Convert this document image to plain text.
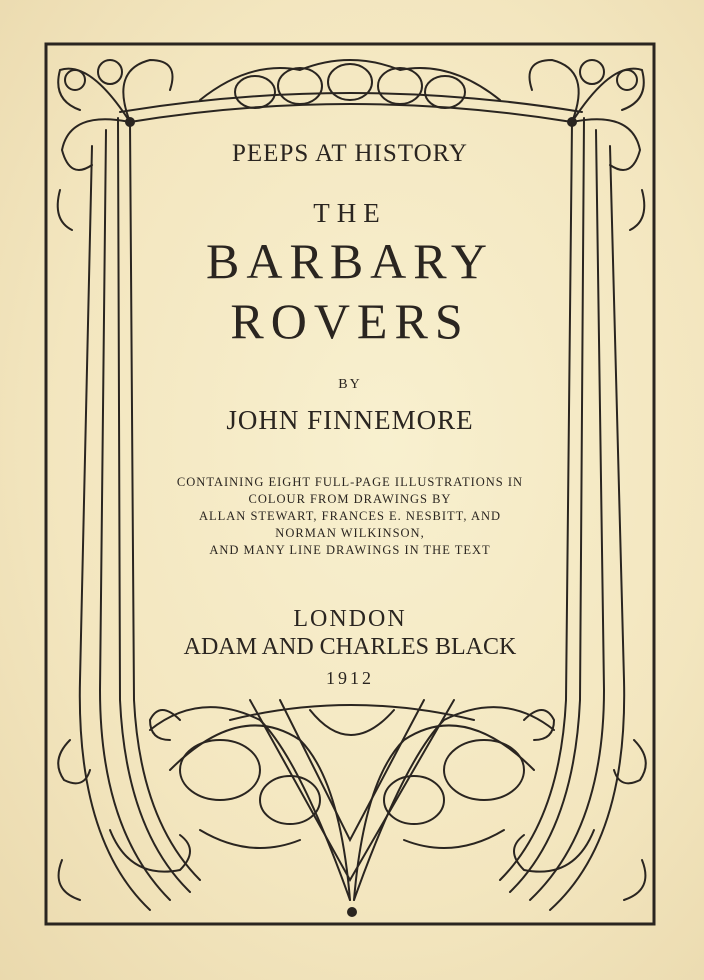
PEEPS AT HISTORY
THE
BARBARY
ROVERS
BY
JOHN FINNEMORE
CONTAINING EIGHT FULL-PAGE ILLUSTRATIONS IN
COLOUR FROM DRAWINGS BY
ALLAN STEWART, FRANCES E. NESBITT, AND
NORMAN WILKINSON,
AND MANY LINE DRAWINGS IN THE TEXT
LONDON
ADAM AND CHARLES BLACK
1912
